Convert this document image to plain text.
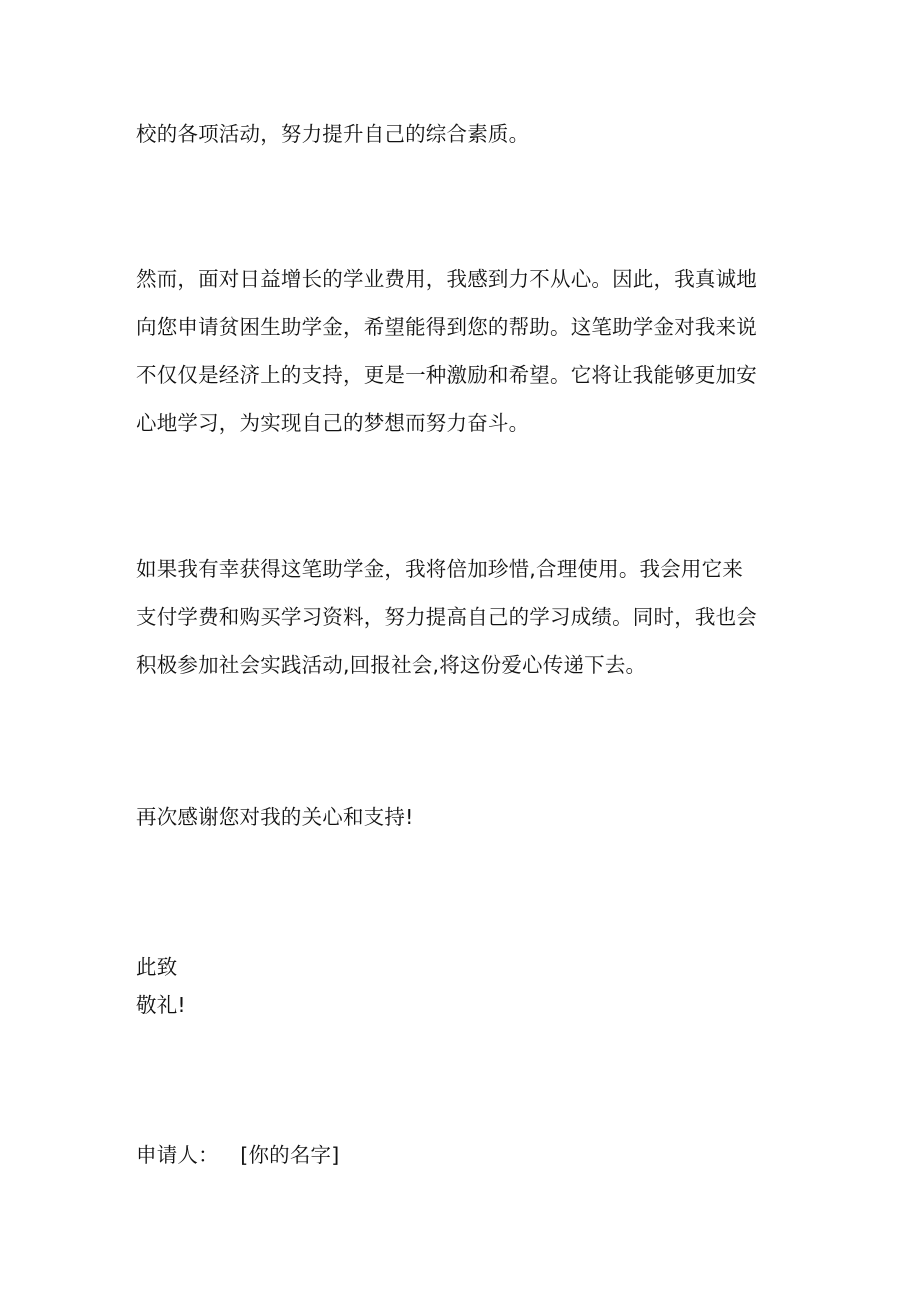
校的各项活动，努力提升自己的综合素质。
然而，面对日益增长的学业费用，我感到力不从心。因此，我真诚地
向您申请贫困生助学金，希望能得到您的帮助。这笔助学金对我来说
不仅仅是经济上的支持，更是一种激励和希望。它将让我能够更加安
心地学习，为实现自己的梦想而努力奋斗。
如果我有幸获得这笔助学金，我将倍加珍惜,合理使用。我会用它来
支付学费和购买学习资料，努力提高自己的学习成绩。同时，我也会
积极参加社会实践活动,回报社会,将这份爱心传递下去。
再次感谢您对我的关心和支持!
此致
敬礼!
申请人： [你的名字]
